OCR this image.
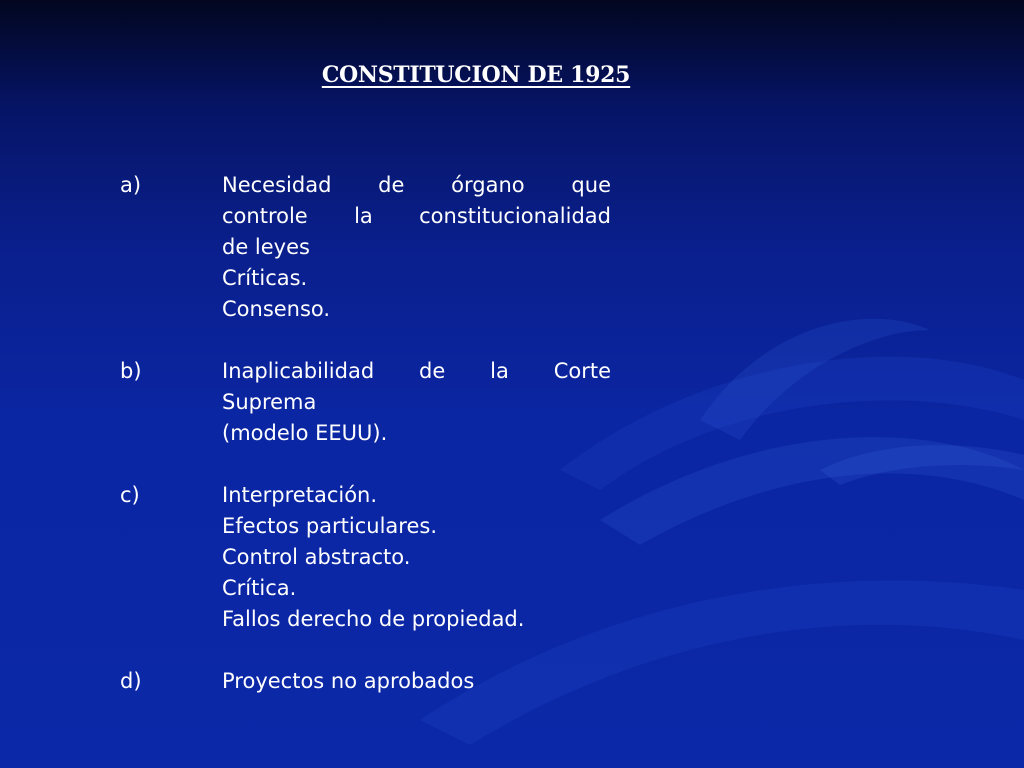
CONSTITUCION DE 1925
a)	Necesidad de órgano que
controle la constitucionalidad
de leyes
Críticas.
Consenso.
b)	Inaplicabilidad de la Corte
Suprema
(modelo EEUU).
c)	Interpretación.
Efectos particulares.
Control abstracto.
Crítica.
Fallos derecho de propiedad.
d)	Proyectos no aprobados
